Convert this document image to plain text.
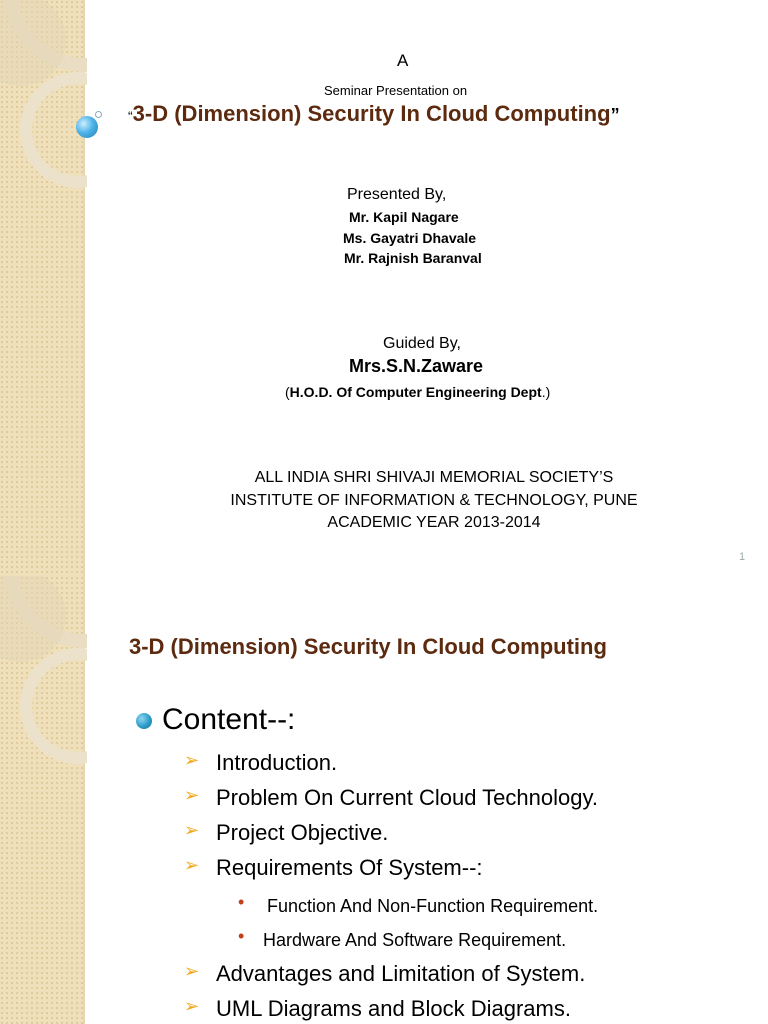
A
Seminar Presentation on
“3-D (Dimension) Security In Cloud Computing”
Presented By,
Mr. Kapil Nagare
Ms. Gayatri Dhavale
Mr. Rajnish Baranval
Guided By,
Mrs.S.N.Zaware
(H.O.D. Of Computer Engineering Dept.)
ALL INDIA SHRI SHIVAJI MEMORIAL SOCIETY’S
INSTITUTE OF INFORMATION & TECHNOLOGY, PUNE
ACADEMIC YEAR 2013-2014
1
3-D (Dimension) Security In Cloud Computing
Content--:
➢ Introduction.
➢ Problem On Current Cloud Technology.
➢ Project Objective.
➢ Requirements Of System--:
• Function And Non-Function Requirement.
• Hardware And Software Requirement.
➢ Advantages and Limitation of System.
➢ UML Diagrams and Block Diagrams.
